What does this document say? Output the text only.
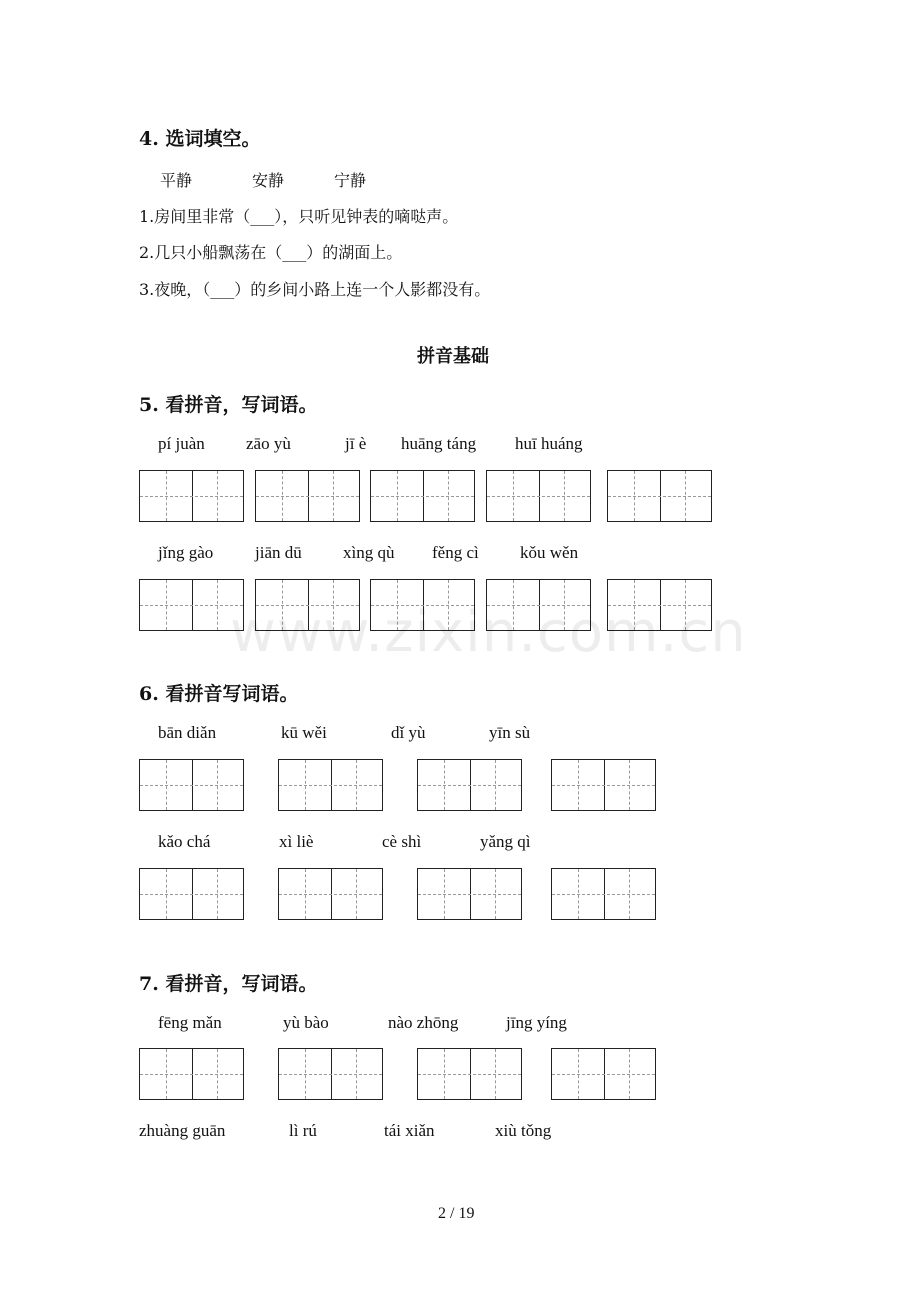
4. 选词填空。
平静	安静	宁静
1.房间里非常（___），只听见钟表的嘀哒声。
2.几只小船飘荡在（___）的湖面上。
3.夜晚，（___）的乡间小路上连一个人影都没有。
拼音基础
5. 看拼音，写词语。
pí juàn zāo yù	jī è huāng táng huī huáng
jǐng gào jiān dū xìng qù fěng cì kǒu wěn
www.zixin.com.cn
6. 看拼音写词语。
bān diǎn	kū wěi	dǐ yù	yīn sù
kǎo chá	xì liè	cè shì	yǎng qì
7. 看拼音，写词语。
fēng mǎn	yù bào	nào zhōng	jīng yíng
zhuàng guān	lì rú	tái xiǎn	xiù tǒng
2 / 19
